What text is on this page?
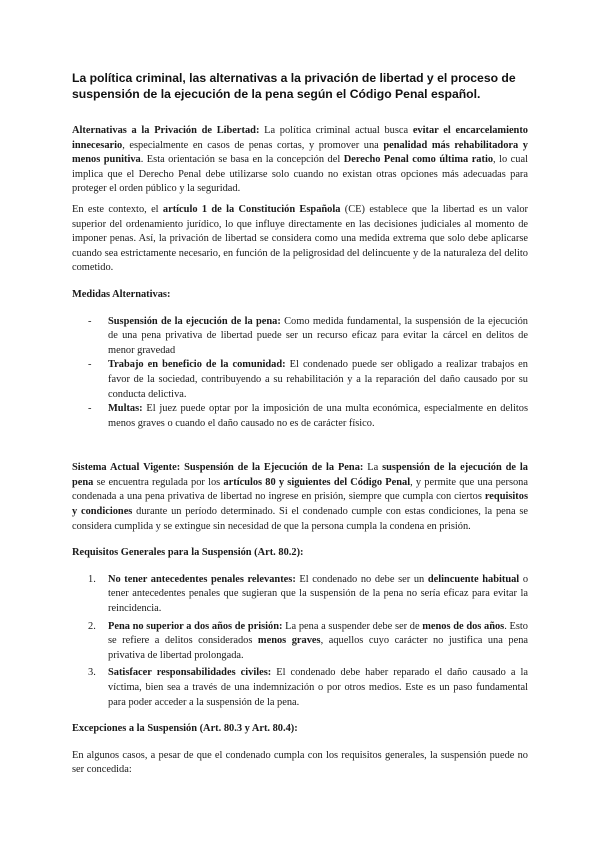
La política criminal, las alternativas a la privación de libertad y el proceso de suspensión de la ejecución de la pena según el Código Penal español.

Alternativas a la Privación de Libertad: La política criminal actual busca evitar el encarcelamiento innecesario, especialmente en casos de penas cortas, y promover una penalidad más rehabilitadora y menos punitiva. Esta orientación se basa en la concepción del Derecho Penal como última ratio, lo cual implica que el Derecho Penal debe utilizarse solo cuando no existan otras opciones más adecuadas para proteger el orden público y la seguridad.

En este contexto, el artículo 1 de la Constitución Española (CE) establece que la libertad es un valor superior del ordenamiento jurídico, lo que influye directamente en las decisiones judiciales al momento de imponer penas. Así, la privación de libertad se considera como una medida extrema que solo debe aplicarse cuando sea estrictamente necesario, en función de la peligrosidad del delincuente y de la naturaleza del delito cometido.

Medidas Alternativas:
- Suspensión de la ejecución de la pena: Como medida fundamental, la suspensión de la ejecución de una pena privativa de libertad puede ser un recurso eficaz para evitar la cárcel en delitos de menor gravedad
- Trabajo en beneficio de la comunidad: El condenado puede ser obligado a realizar trabajos en favor de la sociedad, contribuyendo a su rehabilitación y a la reparación del daño causado por su conducta delictiva.
- Multas: El juez puede optar por la imposición de una multa económica, especialmente en delitos menos graves o cuando el daño causado no es de carácter físico.

Sistema Actual Vigente: Suspensión de la Ejecución de la Pena: La suspensión de la ejecución de la pena se encuentra regulada por los artículos 80 y siguientes del Código Penal, y permite que una persona condenada a una pena privativa de libertad no ingrese en prisión, siempre que cumpla con ciertos requisitos y condiciones durante un período determinado. Si el condenado cumple con estas condiciones, la pena se considera cumplida y se extingue sin necesidad de que la persona cumpla la condena en prisión.

Requisitos Generales para la Suspensión (Art. 80.2):
1. No tener antecedentes penales relevantes: El condenado no debe ser un delincuente habitual o tener antecedentes penales que sugieran que la suspensión de la pena no sería eficaz para evitar la reincidencia.
2. Pena no superior a dos años de prisión: La pena a suspender debe ser de menos de dos años. Esto se refiere a delitos considerados menos graves, aquellos cuyo carácter no justifica una pena privativa de libertad prolongada.
3. Satisfacer responsabilidades civiles: El condenado debe haber reparado el daño causado a la víctima, bien sea a través de una indemnización o por otros medios. Este es un paso fundamental para poder acceder a la suspensión de la pena.
Excepciones a la Suspensión (Art. 80.3 y Art. 80.4):

En algunos casos, a pesar de que el condenado cumpla con los requisitos generales, la suspensión puede no ser concedida:
